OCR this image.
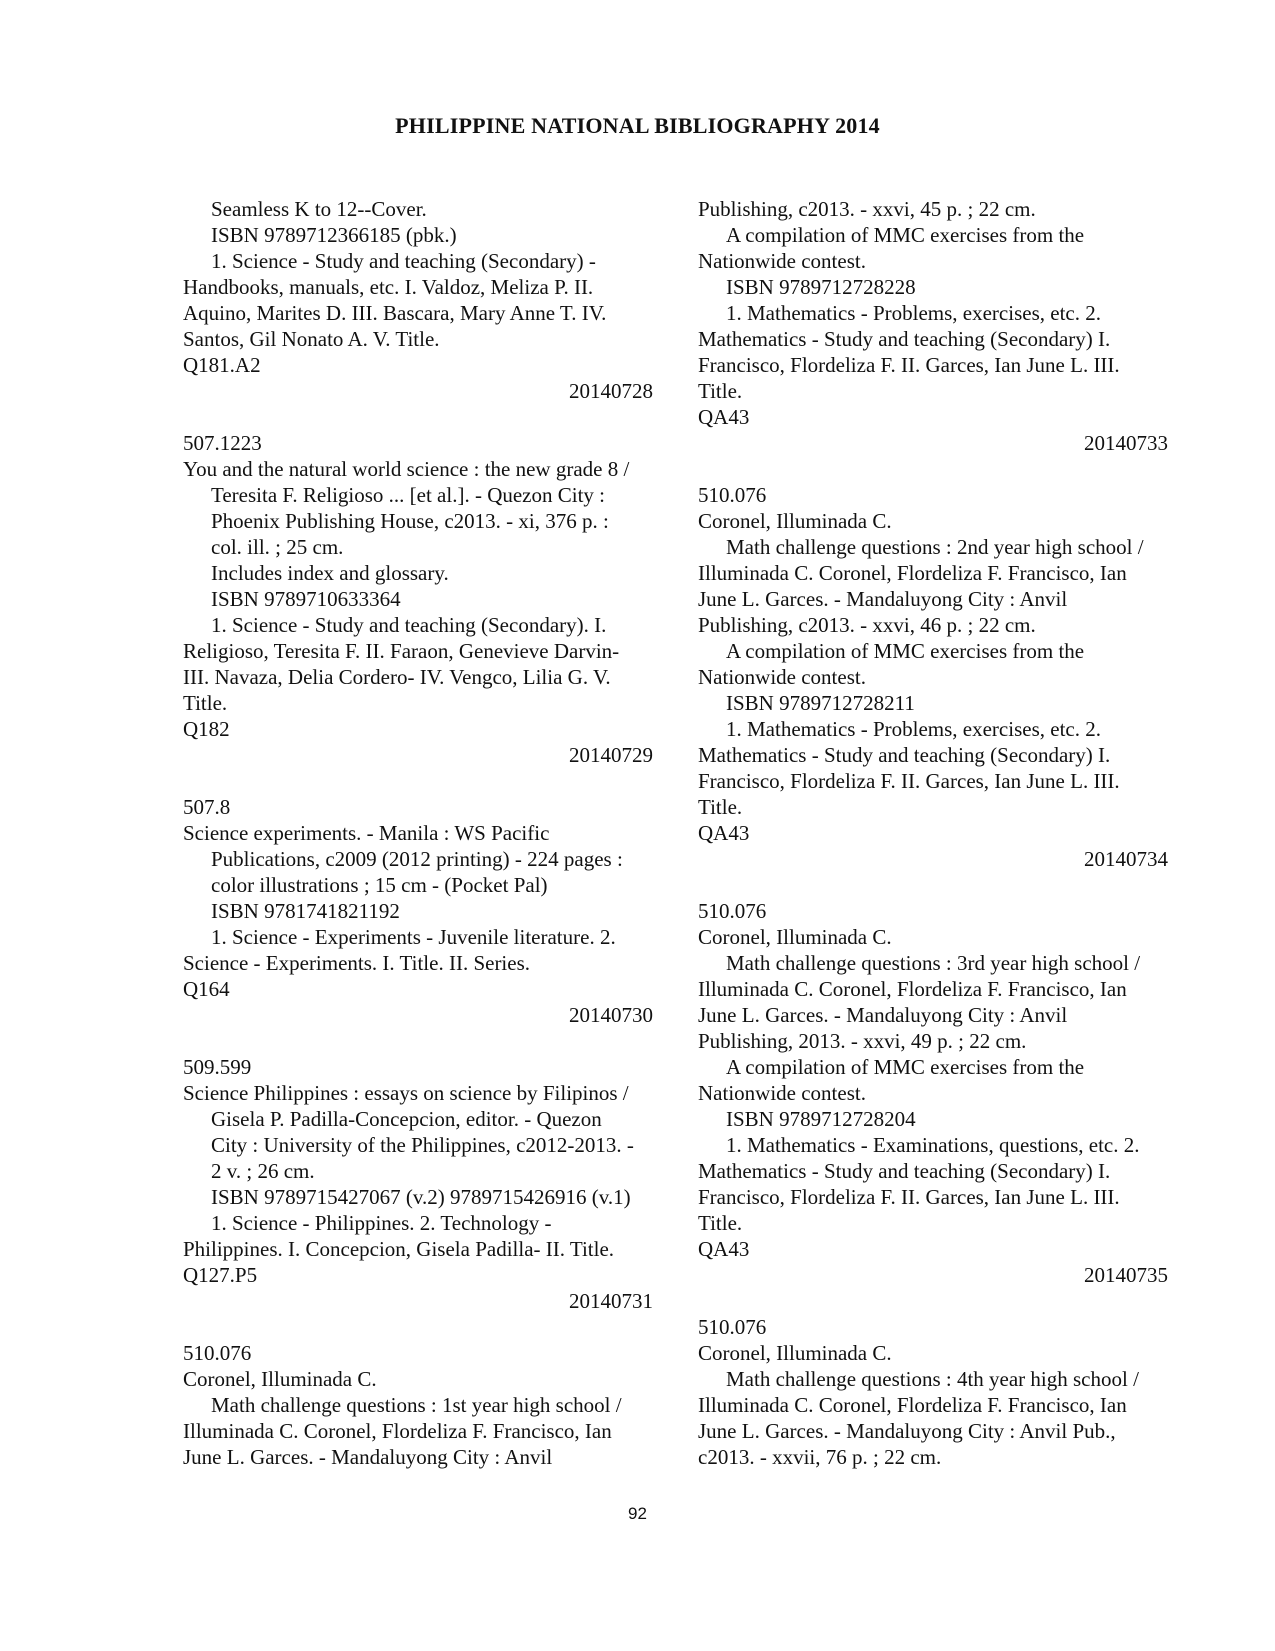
PHILIPPINE NATIONAL BIBLIOGRAPHY 2014
Seamless K to 12--Cover.
ISBN 9789712366185 (pbk.)
1. Science - Study and teaching (Secondary) -
Handbooks, manuals, etc. I. Valdoz, Meliza P. II.
Aquino, Marites D. III. Bascara, Mary Anne T. IV.
Santos, Gil Nonato A. V. Title.
Q181.A2
20140728
507.1223
You and the natural world science : the new grade 8 /
Teresita F. Religioso ... [et al.]. - Quezon City :
Phoenix Publishing House, c2013. - xi, 376 p. :
col. ill. ; 25 cm.
Includes index and glossary.
ISBN 9789710633364
1. Science - Study and teaching (Secondary). I.
Religioso, Teresita F. II. Faraon, Genevieve Darvin-
III. Navaza, Delia Cordero- IV. Vengco, Lilia G. V.
Title.
Q182
20140729
507.8
Science experiments. - Manila : WS Pacific
Publications, c2009 (2012 printing) - 224 pages :
color illustrations ; 15 cm - (Pocket Pal)
ISBN 9781741821192
1. Science - Experiments - Juvenile literature. 2.
Science - Experiments. I. Title. II. Series.
Q164
20140730
509.599
Science Philippines : essays on science by Filipinos /
Gisela P. Padilla-Concepcion, editor. - Quezon
City : University of the Philippines, c2012-2013. -
2 v. ; 26 cm.
ISBN 9789715427067 (v.2) 9789715426916 (v.1)
1. Science - Philippines. 2. Technology -
Philippines. I. Concepcion, Gisela Padilla- II. Title.
Q127.P5
20140731
510.076
Coronel, Illuminada C.
Math challenge questions : 1st year high school /
Illuminada C. Coronel, Flordeliza F. Francisco, Ian
June L. Garces. - Mandaluyong City : Anvil
Publishing, c2013. - xxvi, 45 p. ; 22 cm.
A compilation of MMC exercises from the
Nationwide contest.
ISBN 9789712728228
1. Mathematics - Problems, exercises, etc. 2.
Mathematics - Study and teaching (Secondary) I.
Francisco, Flordeliza F. II. Garces, Ian June L. III.
Title.
QA43
20140733
510.076
Coronel, Illuminada C.
Math challenge questions : 2nd year high school /
Illuminada C. Coronel, Flordeliza F. Francisco, Ian
June L. Garces. - Mandaluyong City : Anvil
Publishing, c2013. - xxvi, 46 p. ; 22 cm.
A compilation of MMC exercises from the
Nationwide contest.
ISBN 9789712728211
1. Mathematics - Problems, exercises, etc. 2.
Mathematics - Study and teaching (Secondary) I.
Francisco, Flordeliza F. II. Garces, Ian June L. III.
Title.
QA43
20140734
510.076
Coronel, Illuminada C.
Math challenge questions : 3rd year high school /
Illuminada C. Coronel, Flordeliza F. Francisco, Ian
June L. Garces. - Mandaluyong City : Anvil
Publishing, 2013. - xxvi, 49 p. ; 22 cm.
A compilation of MMC exercises from the
Nationwide contest.
ISBN 9789712728204
1. Mathematics - Examinations, questions, etc. 2.
Mathematics - Study and teaching (Secondary) I.
Francisco, Flordeliza F. II. Garces, Ian June L. III.
Title.
QA43
20140735
510.076
Coronel, Illuminada C.
Math challenge questions : 4th year high school /
Illuminada C. Coronel, Flordeliza F. Francisco, Ian
June L. Garces. - Mandaluyong City : Anvil Pub.,
c2013. - xxvii, 76 p. ; 22 cm.
92
